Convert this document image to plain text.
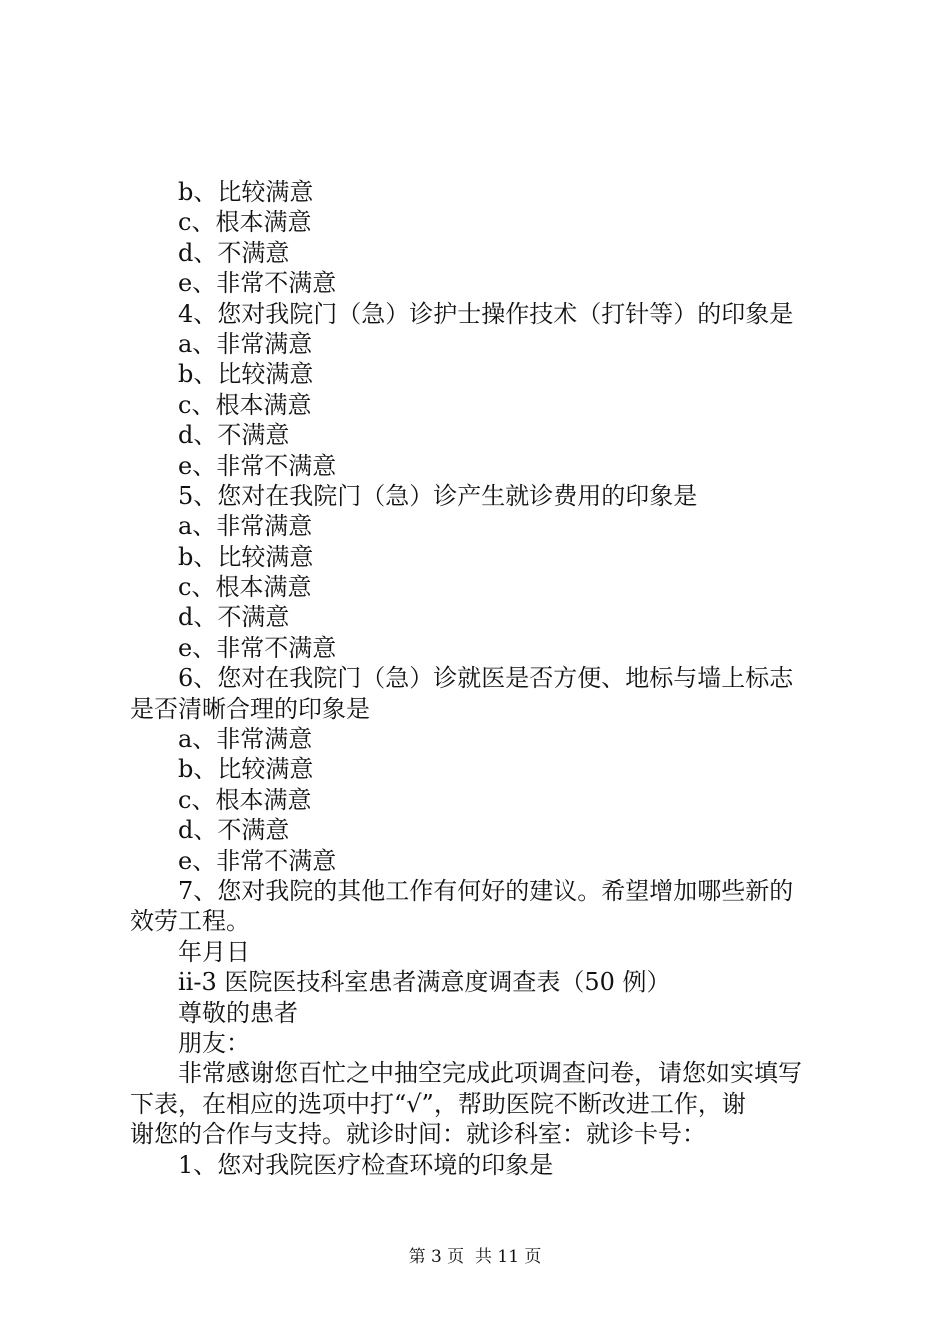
b、比较满意
c、根本满意
d、不满意
e、非常不满意
4、您对我院门（急）诊护士操作技术（打针等）的印象是
a、非常满意
b、比较满意
c、根本满意
d、不满意
e、非常不满意
5、您对在我院门（急）诊产生就诊费用的印象是
a、非常满意
b、比较满意
c、根本满意
d、不满意
e、非常不满意
6、您对在我院门（急）诊就医是否方便、地标与墙上标志
是否清晰合理的印象是
a、非常满意
b、比较满意
c、根本满意
d、不满意
e、非常不满意
7、您对我院的其他工作有何好的建议。希望增加哪些新的
效劳工程。
年月日
ii-3 医院医技科室患者满意度调查表（50 例）
尊敬的患者
朋友：
非常感谢您百忙之中抽空完成此项调查问卷，请您如实填写
下表，在相应的选项中打“√”，帮助医院不断改进工作，谢
谢您的合作与支持。就诊时间：就诊科室：就诊卡号：
1、您对我院医疗检查环境的印象是
第 3 页  共 11 页
